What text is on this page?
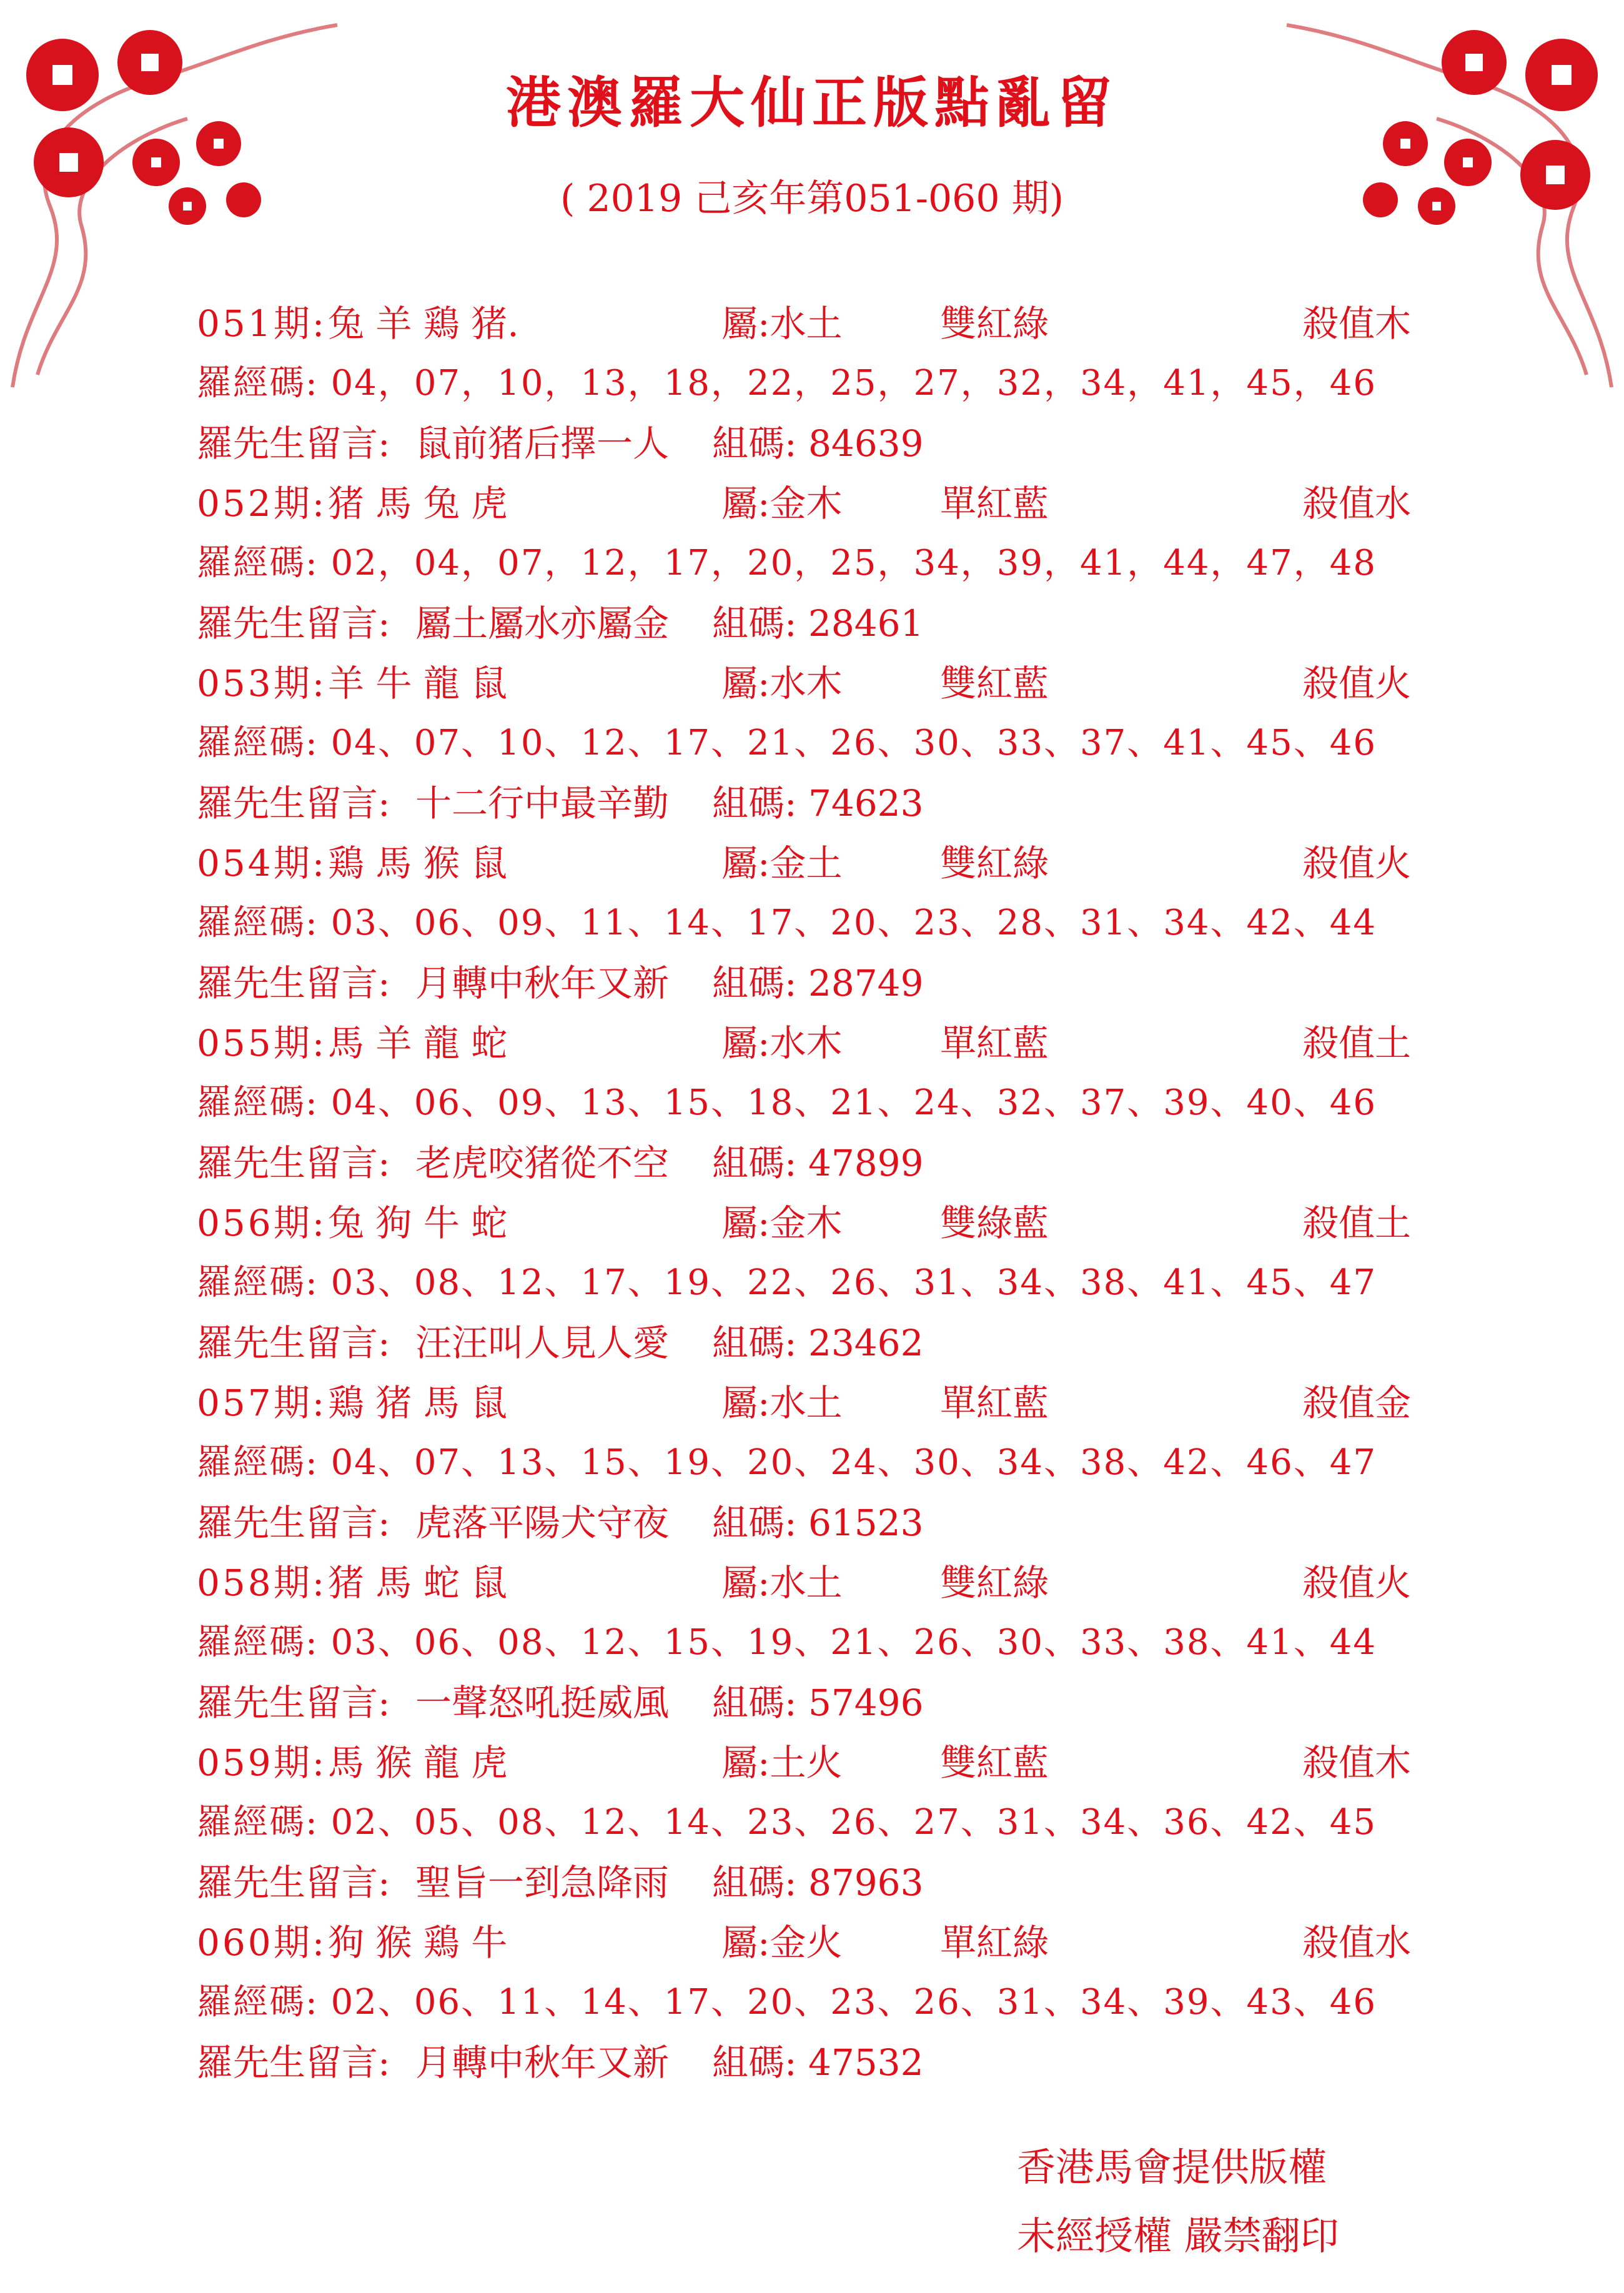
港澳羅大仙正版點亂留
( 2019 己亥年第051-060 期)
051期: 兔 羊 鶏 猪.	屬:水土	雙紅綠	殺值木
羅經碼: 04，07，10，13，18，22，25，27，32，34，41，45，46
羅先生留言: 鼠前猪后擇一人 組碼: 84639
052期: 猪 馬 兔 虎	屬:金木	單紅藍	殺值水
羅經碼: 02，04，07，12，17，20，25，34，39，41，44，47，48
羅先生留言: 屬土屬水亦屬金 組碼: 28461
053期: 羊 牛 龍 鼠	屬:水木	雙紅藍	殺值火
羅經碼: 04、07、10、12、17、21、26、30、33、37、41、45、46
羅先生留言: 十二行中最辛勤 組碼: 74623
054期: 鶏 馬 猴 鼠	屬:金土	雙紅綠	殺值火
羅經碼: 03、06、09、11、14、17、20、23、28、31、34、42、44
羅先生留言: 月轉中秋年又新 組碼: 28749
055期: 馬 羊 龍 蛇	屬:水木	單紅藍	殺值土
羅經碼: 04、06、09、13、15、18、21、24、32、37、39、40、46
羅先生留言: 老虎咬猪從不空 組碼: 47899
056期: 兔 狗 牛 蛇	屬:金木	雙綠藍	殺值土
羅經碼: 03、08、12、17、19、22、26、31、34、38、41、45、47
羅先生留言: 汪汪叫人見人愛 組碼: 23462
057期: 鶏 猪 馬 鼠	屬:水土	單紅藍	殺值金
羅經碼: 04、07、13、15、19、20、24、30、34、38、42、46、47
羅先生留言: 虎落平陽犬守夜 組碼: 61523
058期: 猪 馬 蛇 鼠	屬:水土	雙紅綠	殺值火
羅經碼: 03、06、08、12、15、19、21、26、30、33、38、41、44
羅先生留言: 一聲怒吼挺威風 組碼: 57496
059期: 馬 猴 龍 虎	屬:土火	雙紅藍	殺值木
羅經碼: 02、05、08、12、14、23、26、27、31、34、36、42、45
羅先生留言: 聖旨一到急降雨 組碼: 87963
060期: 狗 猴 鶏 牛	屬:金火	單紅綠	殺值水
羅經碼: 02、06、11、14、17、20、23、26、31、34、39、43、46
羅先生留言: 月轉中秋年又新 組碼: 47532
香港馬會提供版權
未經授權 嚴禁翻印
